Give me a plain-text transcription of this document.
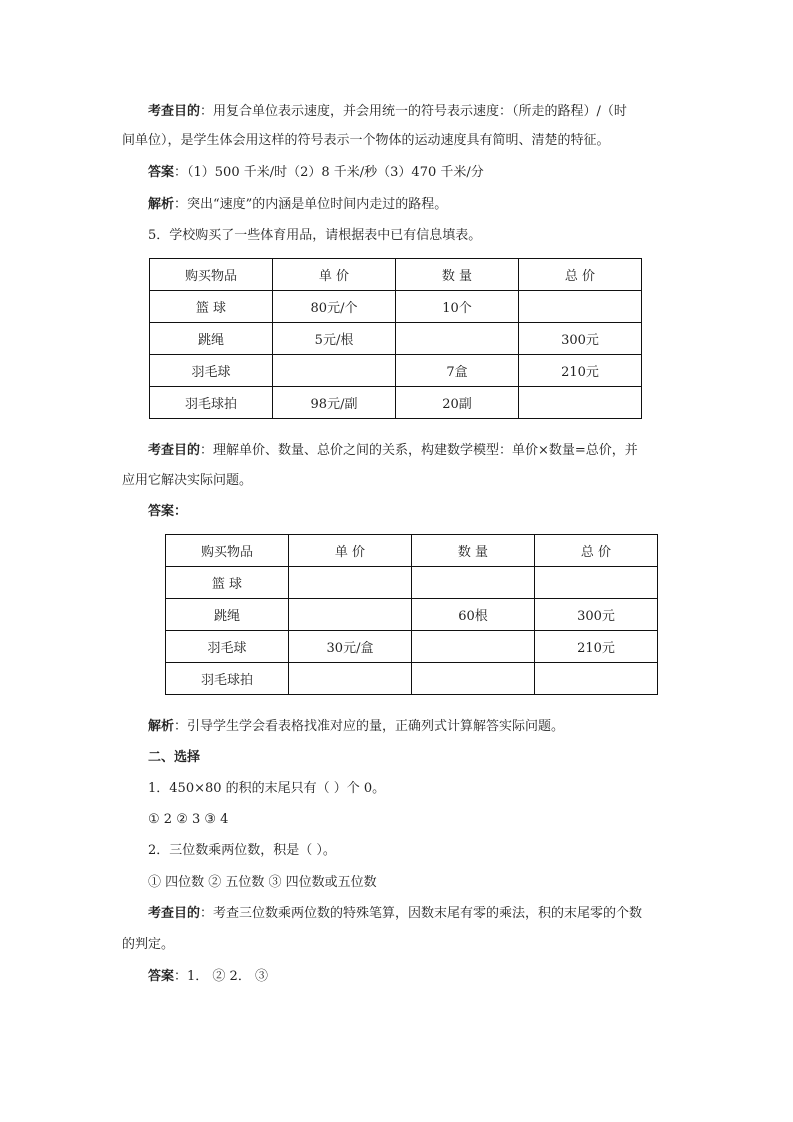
考查目的：用复合单位表示速度，并会用统一的符号表示速度：（所走的路程）/（时
间单位），是学生体会用这样的符号表示一个物体的运动速度具有简明、清楚的特征。
答案：（1）500 千米/时（2）8 千米/秒（3）470 千米/分
解析：突出“速度”的内涵是单位时间内走过的路程。
5．学校购买了一些体育用品，请根据表中已有信息填表。
购买物品	单 价	数 量	总 价
篮 球	80元/个	10个	
跳绳	5元/根		300元
羽毛球		7盒	210元
羽毛球拍	98元/副	20副	
考查目的：理解单价、数量、总价之间的关系，构建数学模型：单价×数量=总价，并
应用它解决实际问题。
答案：
购买物品	单 价	数 量	总 价
篮 球			
跳绳		60根	300元
羽毛球	30元/盒		210元
羽毛球拍			
解析：引导学生学会看表格找准对应的量，正确列式计算解答实际问题。
二、选择
1．450×80 的积的末尾只有（ ）个 0。
① 2 ② 3 ③ 4
2．三位数乘两位数，积是（ ）。
① 四位数 ② 五位数 ③ 四位数或五位数
考查目的：考查三位数乘两位数的特殊笔算，因数末尾有零的乘法，积的末尾零的个数
的判定。
答案：1． ② 2． ③
